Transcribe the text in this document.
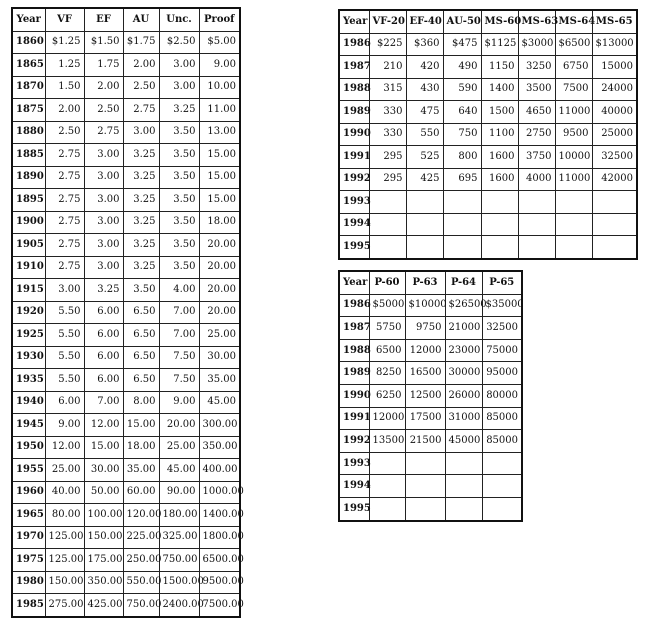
Year	VF	EF	AU	Unc.	Proof
1860	$1.25	$1.50	$1.75	$2.50	$5.00
1865	1.25	1.75	2.00	3.00	9.00
1870	1.50	2.00	2.50	3.00	10.00
1875	2.00	2.50	2.75	3.25	11.00
1880	2.50	2.75	3.00	3.50	13.00
1885	2.75	3.00	3.25	3.50	15.00
1890	2.75	3.00	3.25	3.50	15.00
1895	2.75	3.00	3.25	3.50	15.00
1900	2.75	3.00	3.25	3.50	18.00
1905	2.75	3.00	3.25	3.50	20.00
1910	2.75	3.00	3.25	3.50	20.00
1915	3.00	3.25	3.50	4.00	20.00
1920	5.50	6.00	6.50	7.00	20.00
1925	5.50	6.00	6.50	7.00	25.00
1930	5.50	6.00	6.50	7.50	30.00
1935	5.50	6.00	6.50	7.50	35.00
1940	6.00	7.00	8.00	9.00	45.00
1945	9.00	12.00	15.00	20.00	300.00
1950	12.00	15.00	18.00	25.00	350.00
1955	25.00	30.00	35.00	45.00	400.00
1960	40.00	50.00	60.00	90.00	1000.00
1965	80.00	100.00	120.00	180.00	1400.00
1970	125.00	150.00	225.00	325.00	1800.00
1975	125.00	175.00	250.00	750.00	6500.00
1980	150.00	350.00	550.00	1500.00	9500.00
1985	275.00	425.00	750.00	2400.00	7500.00
Year	VF-20	EF-40	AU-50	MS-60	MS-63	MS-64	MS-65
1986	$225	$360	$475	$1125	$3000	$6500	$13000
1987	210	420	490	1150	3250	6750	15000
1988	315	430	590	1400	3500	7500	24000
1989	330	475	640	1500	4650	11000	40000
1990	330	550	750	1100	2750	9500	25000
1991	295	525	800	1600	3750	10000	32500
1992	295	425	695	1600	4000	11000	42000
1993							
1994							
1995							
Year	P-60	P-63	P-64	P-65
1986	$5000	$10000	$26500	$35000
1987	5750	9750	21000	32500
1988	6500	12000	23000	75000
1989	8250	16500	30000	95000
1990	6250	12500	26000	80000
1991	12000	17500	31000	85000
1992	13500	21500	45000	85000
1993				
1994				
1995				
